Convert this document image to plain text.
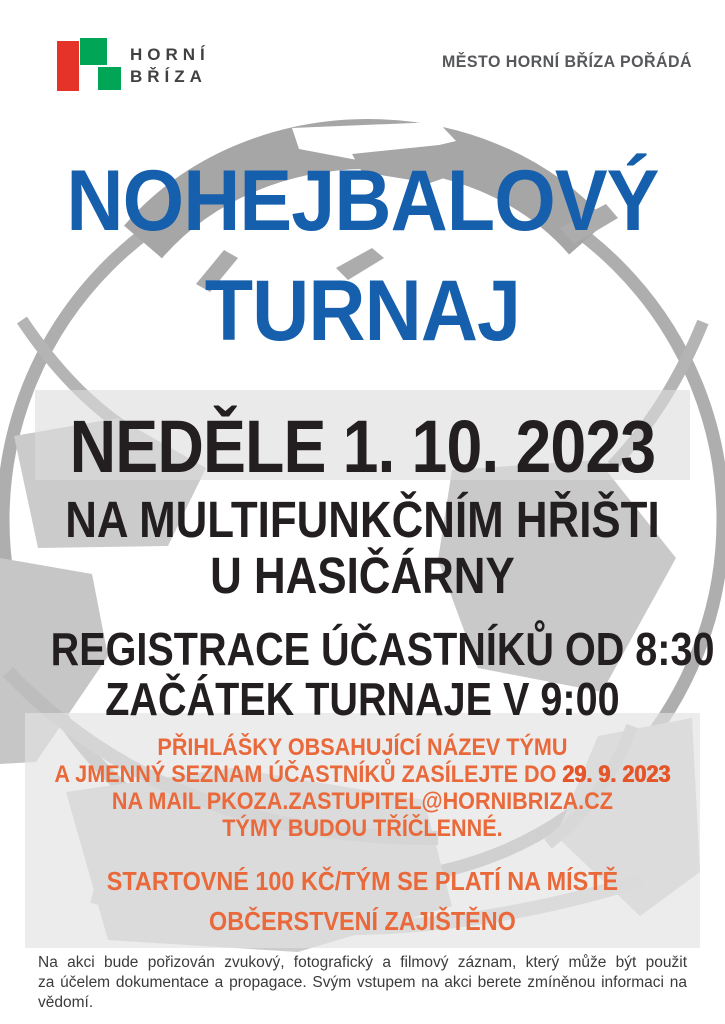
HORNÍ
BŘÍZA
MĚSTO HORNÍ BŘÍZA POŘÁDÁ
NOHEJBALOVÝ
TURNAJ
NEDĚLE 1. 10. 2023
NA MULTIFUNKČNÍM HŘIŠTI
U HASIČÁRNY
REGISTRACE ÚČASTNÍKŮ OD 8:30
ZAČÁTEK TURNAJE V 9:00
PŘIHLÁŠKY OBSAHUJÍCÍ NÁZEV TÝMU
A JMENNÝ SEZNAM ÚČASTNÍKŮ ZASÍLEJTE DO 29. 9. 2023
NA MAIL PKOZA.ZASTUPITEL@HORNIBRIZA.CZ
TÝMY BUDOU TŘÍČLENNÉ.
STARTOVNÉ 100 KČ/TÝM SE PLATÍ NA MÍSTĚ
OBČERSTVENÍ ZAJIŠTĚNO
Na akci bude pořizován zvukový, fotografický a filmový záznam, který může být použit
za účelem dokumentace a propagace. Svým vstupem na akci berete zmíněnou informaci na vědomí.
